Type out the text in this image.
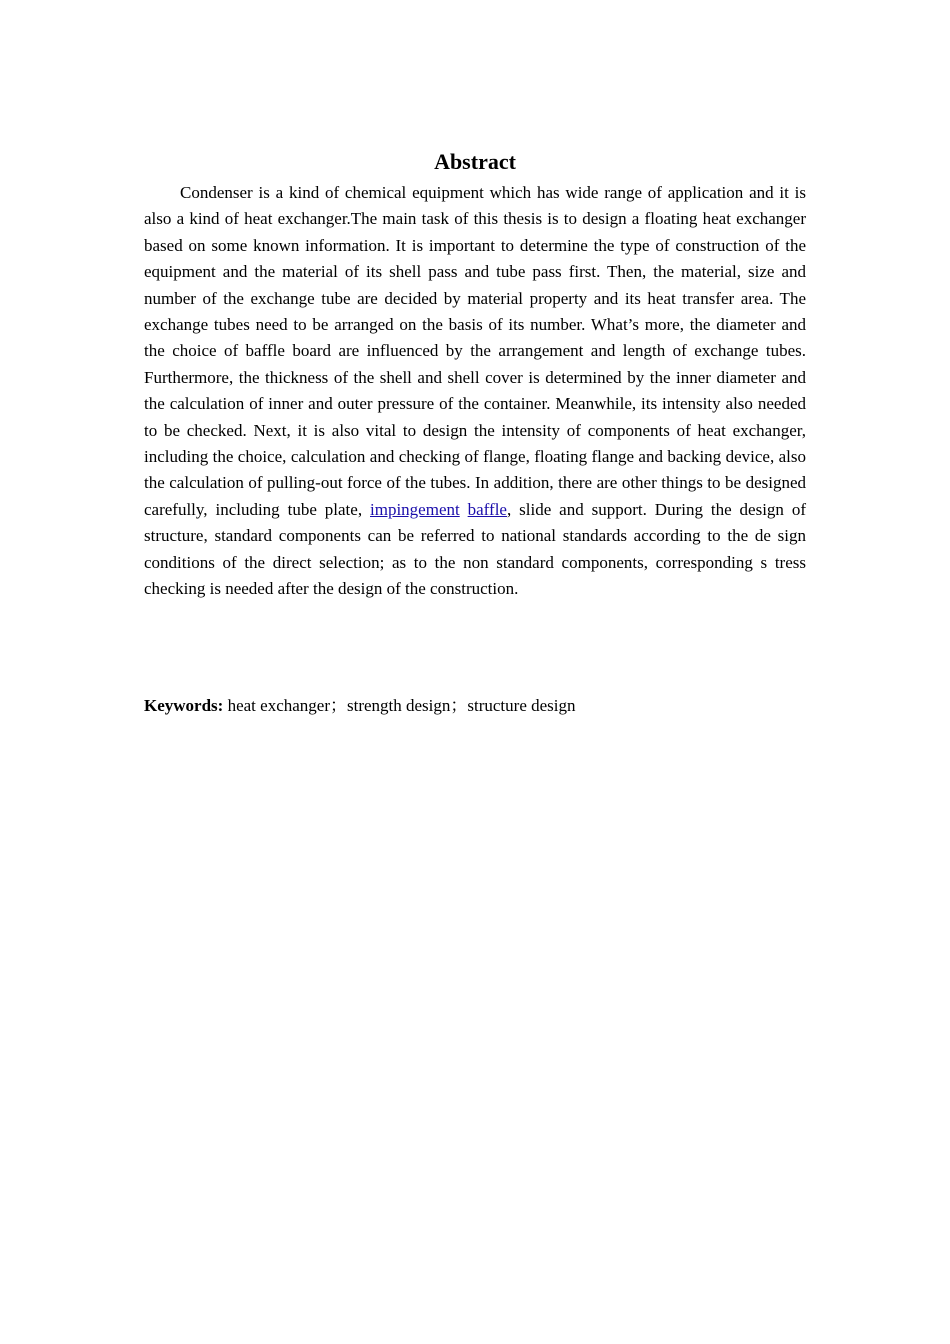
Abstract

Condenser is a kind of chemical equipment which has wide range of application and it is also a kind of heat exchanger.The main task of this thesis is to design a floating heat exchanger based on some known information. It is important to determine the type of construction of the equipment and the material of its shell pass and tube pass first. Then, the material, size and number of the exchange tube are decided by material property and its heat transfer area. The exchange tubes need to be arranged on the basis of its number. What’s more, the diameter and the choice of baffle board are influenced by the arrangement and length of exchange tubes. Furthermore, the thickness of the shell and shell cover is determined by the inner diameter and the calculation of inner and outer pressure of the container. Meanwhile, its intensity also needed to be checked. Next, it is also vital to design the intensity of components of heat exchanger, including the choice, calculation and checking of flange, floating flange and backing device, also the calculation of pulling-out force of the tubes. In addition, there are other things to be designed carefully, including tube plate, impingement baffle, slide and support. During the design of structure, standard components can be referred to national standards according to the de sign conditions of the direct selection; as to the non standard components, corresponding s tress checking is needed after the design of the construction.

Keywords: heat exchanger；strength design；structure design
